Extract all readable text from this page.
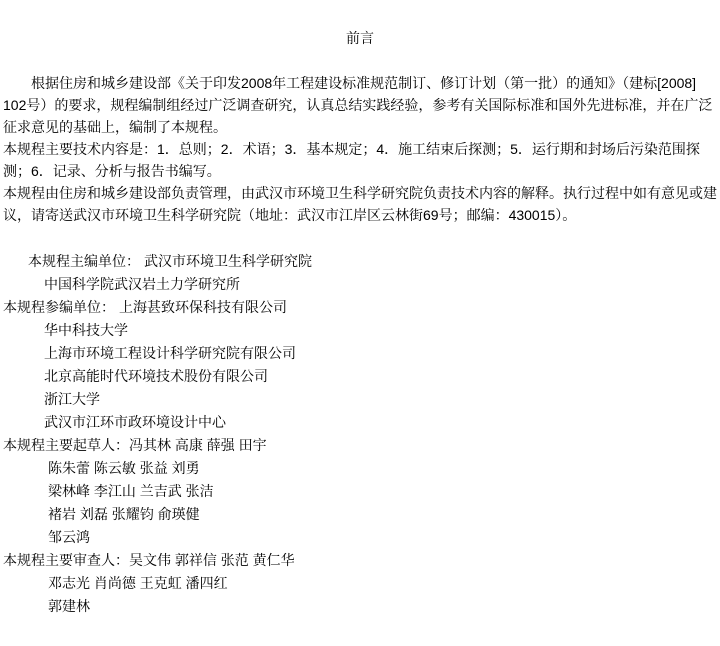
前言
根据住房和城乡建设部《关于印发2008年工程建设标准规范制订、修订计划（第一批）的通知》（建标[2008]
102号）的要求，规程编制组经过广泛调查研究，认真总结实践经验，参考有关国际标准和国外先进标准，并在广泛
征求意见的基础上，编制了本规程。
本规程主要技术内容是：1．总则；2．术语；3．基本规定；4．施工结束后探测；5．运行期和封场后污染范围探
测；6．记录、分析与报告书编写。
本规程由住房和城乡建设部负责管理，由武汉市环境卫生科学研究院负责技术内容的解释。执行过程中如有意见或建
议，请寄送武汉市环境卫生科学研究院（地址：武汉市江岸区云林街69号；邮编：430015）。
本规程主编单位： 武汉市环境卫生科学研究院
中国科学院武汉岩土力学研究所
本规程参编单位： 上海甚致环保科技有限公司
华中科技大学
上海市环境工程设计科学研究院有限公司
北京高能时代环境技术股份有限公司
浙江大学
武汉市江环市政环境设计中心
本规程主要起草人：冯其林 高康 薛强 田宇
陈朱蕾 陈云敏 张益 刘勇
梁林峰 李江山 兰吉武 张洁
褚岩 刘磊 张耀钧 俞瑛健
邹云鸿
本规程主要审查人：吴文伟 郭祥信 张范 黄仁华
邓志光 肖尚德 王克虹 潘四红
郭建林
